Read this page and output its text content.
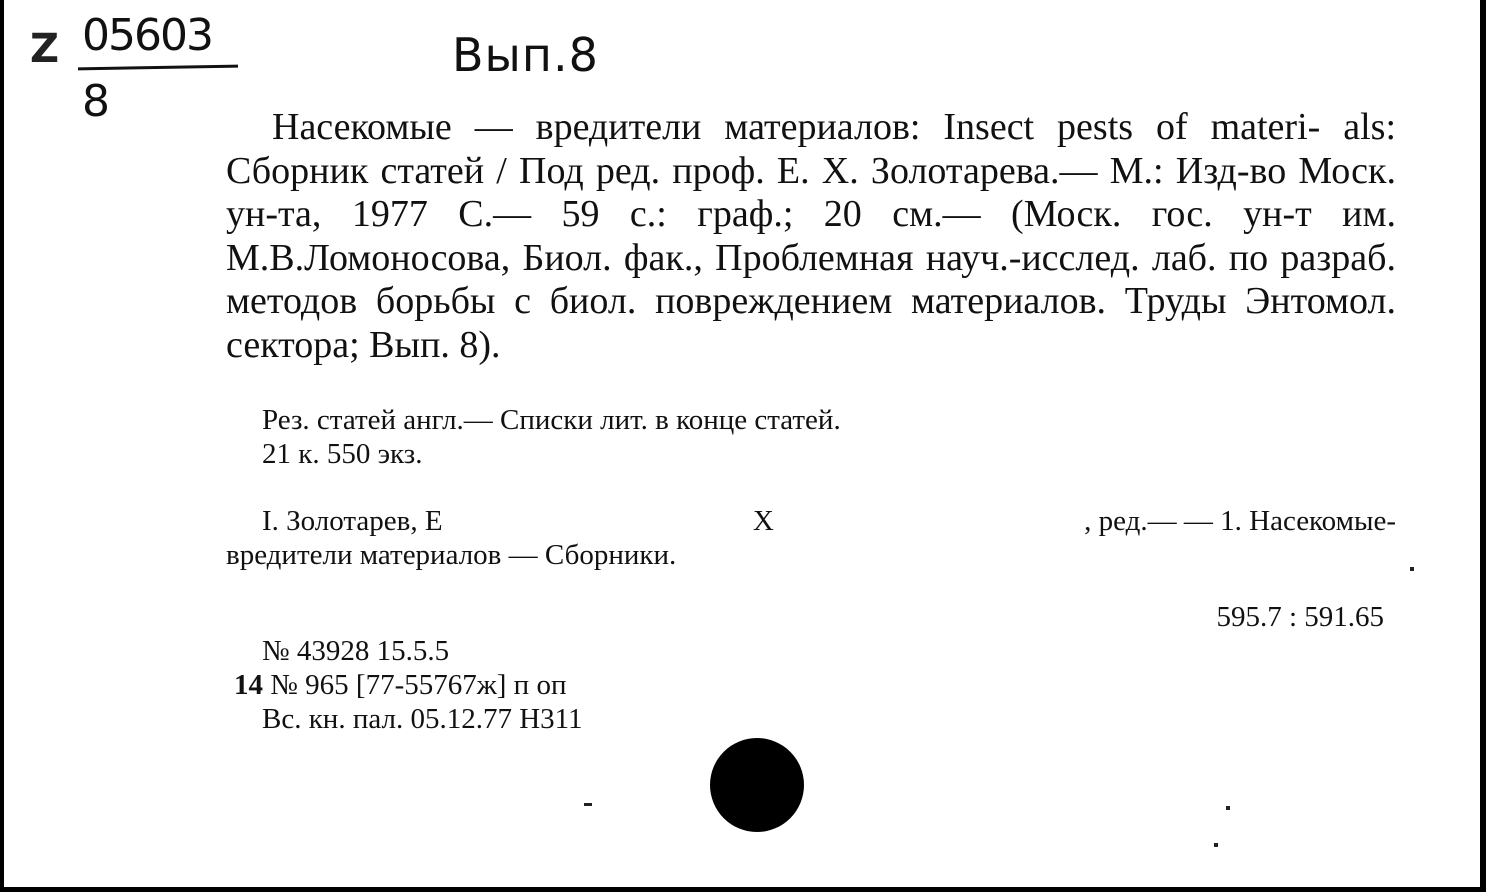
Z 05603
8
Вып.8
Насекомые — вредители материалов: Insect pests of materi- als: Сборник статей / Под ред. проф. Е. Х. Золотарева.— М.: Изд-во Моск. ун-та, 1977 С.— 59 с.: граф.; 20 см.— (Моск. гос. ун-т им. М.В.Ломоносова, Биол. фак., Проблемная науч.-исслед. лаб. по разраб. методов борьбы с биол. повреждением материалов. Труды Энтомол. сектора; Вып. 8).
Рез. статей англ.— Списки лит. в конце статей.
21 к. 550 экз.
I. Золотарев, Е	X	, ред.— — 1. Насекомые-
вредители материалов — Сборники.
595.7 : 591.65
№ 43928 15.5.5
14 № 965 [77-55767ж] п оп
Вс. кн. пал. 05.12.77 Н311
